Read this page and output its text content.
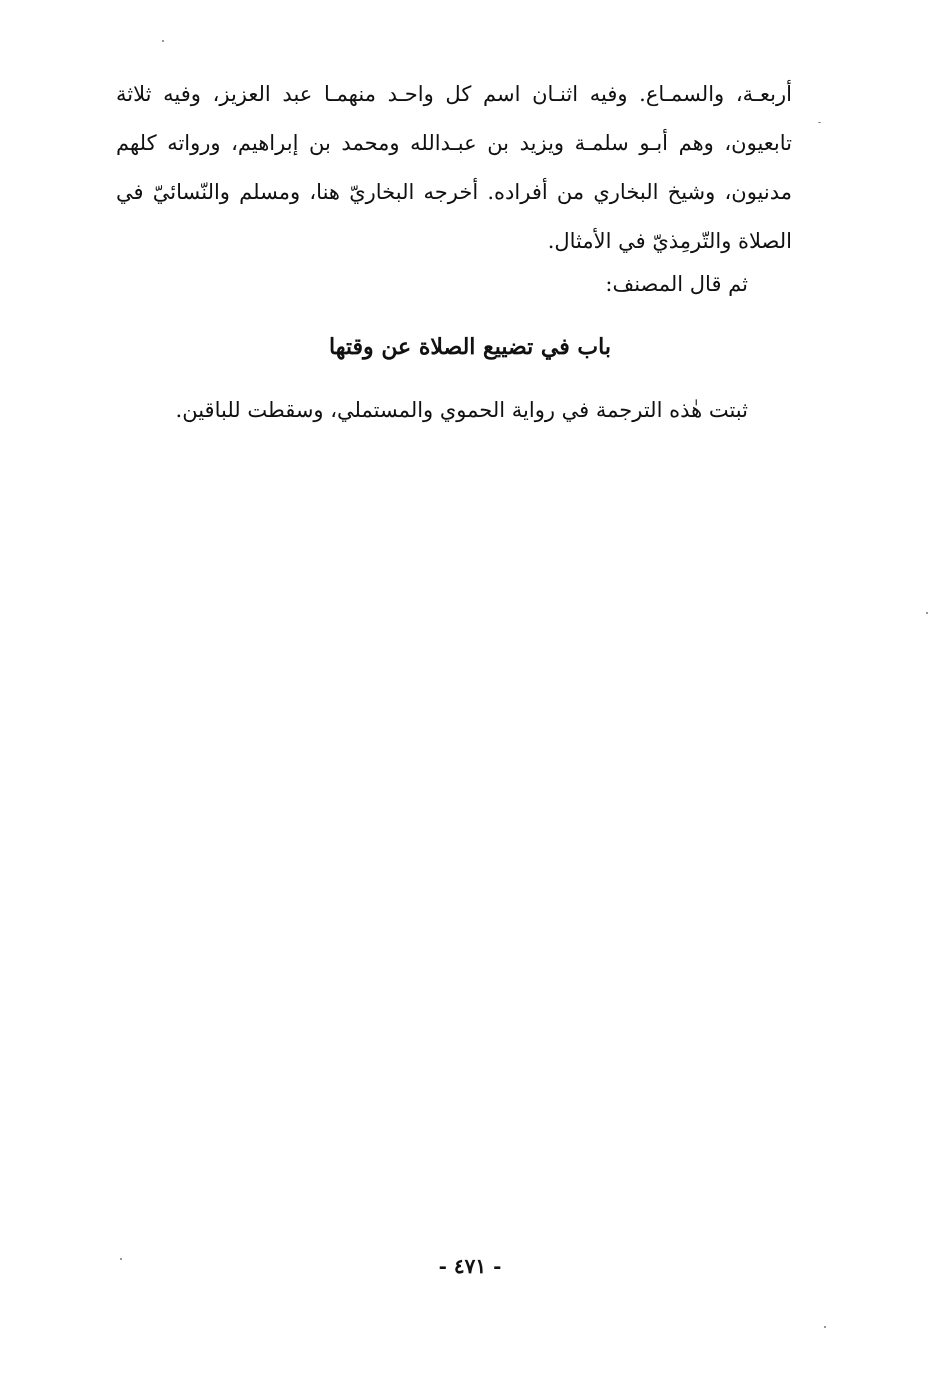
أربعـة، والسمـاع. وفيه اثنـان اسم كل واحـد منهمـا عبد العزيز، وفيه ثلاثة
تابعيون، وهم أبـو سلمـة ويزيد بن عبـدالله ومحمد بن إبراهيم، ورواته كلهم
مدنيون، وشيخ البخاري من أفراده. أخرجه البخاريّ هنا، ومسلم والنّسائيّ في
الصلاة والتّرمِذيّ في الأمثال.
ثم قال المصنف:
باب في تضييع الصلاة عن وقتها
ثبتت هٰذه الترجمة في رواية الحموي والمستملي، وسقطت للباقين.
- ٤٧١ -
